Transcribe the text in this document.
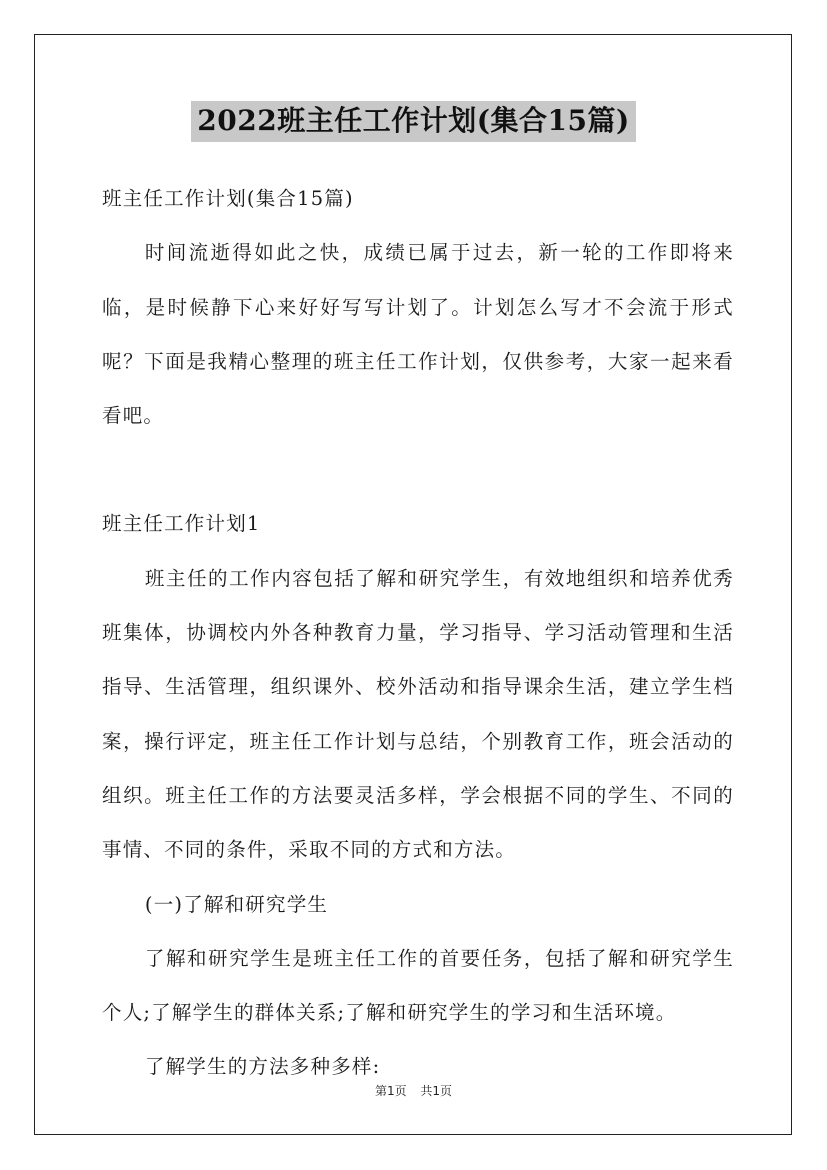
2022班主任工作计划(集合15篇)

班主任工作计划(集合15篇)

时间流逝得如此之快，成绩已属于过去，新一轮的工作即将来临，是时候静下心来好好写写计划了。计划怎么写才不会流于形式呢？下面是我精心整理的班主任工作计划，仅供参考，大家一起来看看吧。

班主任工作计划1

班主任的工作内容包括了解和研究学生，有效地组织和培养优秀班集体，协调校内外各种教育力量，学习指导、学习活动管理和生活指导、生活管理，组织课外、校外活动和指导课余生活，建立学生档案，操行评定，班主任工作计划与总结，个别教育工作，班会活动的组织。班主任工作的方法要灵活多样，学会根据不同的学生、不同的事情、不同的条件，采取不同的方式和方法。

(一)了解和研究学生

了解和研究学生是班主任工作的首要任务，包括了解和研究学生个人;了解学生的群体关系;了解和研究学生的学习和生活环境。

了解学生的方法多种多样:

第1页 共1页
